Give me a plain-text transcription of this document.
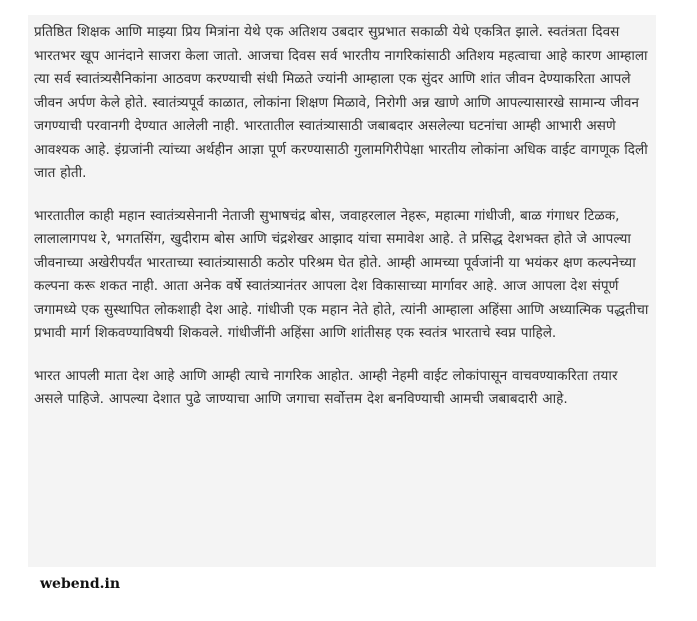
प्रतिष्ठित शिक्षक आणि माझ्या प्रिय मित्रांना येथे एक अतिशय उबदार सुप्रभात सकाळी येथे एकत्रित झाले. स्वतंत्रता दिवस भारतभर खूप आनंदाने साजरा केला जातो. आजचा दिवस सर्व भारतीय नागरिकांसाठी अतिशय महत्वाचा आहे कारण आम्हाला त्या सर्व स्वातंत्र्यसैनिकांना आठवण करण्याची संधी मिळते ज्यांनी आम्हाला एक सुंदर आणि शांत जीवन देण्याकरिता आपले जीवन अर्पण केले होते. स्वातंत्र्यपूर्व काळात, लोकांना शिक्षण मिळावे, निरोगी अन्न खाणे आणि आपल्यासारखे सामान्य जीवन जगण्याची परवानगी देण्यात आलेली नाही. भारतातील स्वातंत्र्यासाठी जबाबदार असलेल्या घटनांचा आम्ही आभारी असणे आवश्यक आहे. इंग्रजांनी त्यांच्या अर्थहीन आज्ञा पूर्ण करण्यासाठी गुलामगिरीपेक्षा भारतीय लोकांना अधिक वाईट वागणूक दिली जात होती.

भारतातील काही महान स्वातंत्र्यसेनानी नेताजी सुभाषचंद्र बोस, जवाहरलाल नेहरू, महात्मा गांधीजी, बाळ गंगाधर टिळक, लालालागपथ रे, भगतसिंग, खुदीराम बोस आणि चंद्रशेखर आझाद यांचा समावेश आहे. ते प्रसिद्ध देशभक्त होते जे आपल्या जीवनाच्या अखेरीपर्यंत भारताच्या स्वातंत्र्यासाठी कठोर परिश्रम घेत होते. आम्ही आमच्या पूर्वजांनी या भयंकर क्षण कल्पनेच्या कल्पना करू शकत नाही. आता अनेक वर्षे स्वातंत्र्यानंतर आपला देश विकासाच्या मार्गावर आहे. आज आपला देश संपूर्ण जगामध्ये एक सुस्थापित लोकशाही देश आहे. गांधीजी एक महान नेते होते, त्यांनी आम्हाला अहिंसा आणि अध्यात्मिक पद्धतीचा प्रभावी मार्ग शिकवण्याविषयी शिकवले. गांधीजींनी अहिंसा आणि शांतीसह एक स्वतंत्र भारताचे स्वप्न पाहिले.

भारत आपली माता देश आहे आणि आम्ही त्याचे नागरिक आहोत. आम्ही नेहमी वाईट लोकांपासून वाचवण्याकरिता तयार असले पाहिजे. आपल्या देशात पुढे जाण्याचा आणि जगाचा सर्वोत्तम देश बनविण्याची आमची जबाबदारी आहे.

webend.in
